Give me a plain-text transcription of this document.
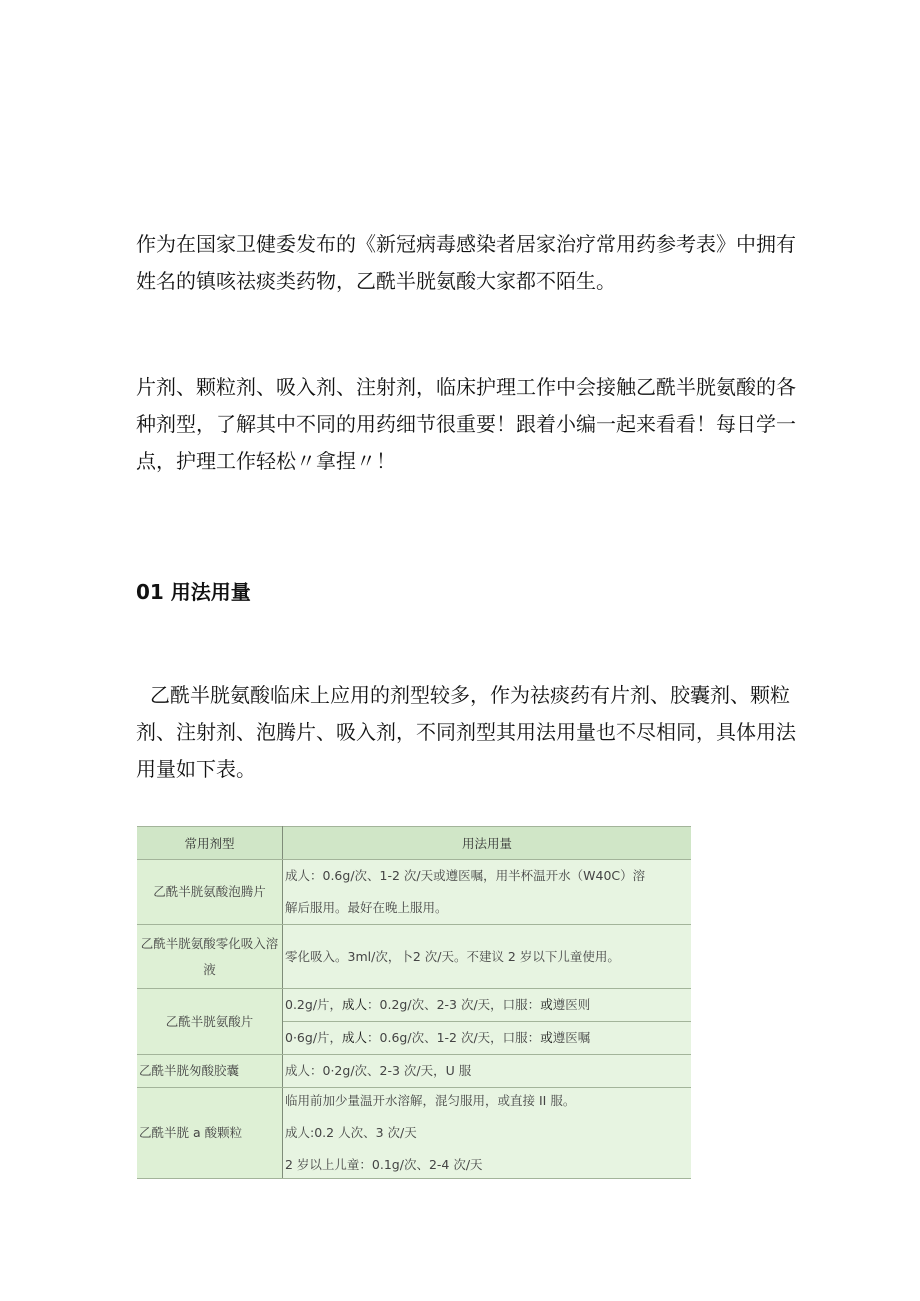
作为在国家卫健委发布的《新冠病毒感染者居家治疗常用药参考表》中拥有姓名的镇咳祛痰类药物，乙酰半胱氨酸大家都不陌生。

片剂、颗粒剂、吸入剂、注射剂，临床护理工作中会接触乙酰半胱氨酸的各种剂型，了解其中不同的用药细节很重要！跟着小编一起来看看！每日学一点，护理工作轻松〃拿捏〃！

01 用法用量

乙酰半胱氨酸临床上应用的剂型较多，作为祛痰药有片剂、胶囊剂、颗粒剂、注射剂、泡腾片、吸入剂，不同剂型其用法用量也不尽相同，具体用法用量如下表。

常用剂型	用法用量

乙酰半胱氨酸泡腾片	成人：0.6g/次、1-2 次/天或遵医嘱，用半杯温开水（W40C）溶
解后服用。最好在晚上服用。

乙酰半胱氨酸零化吸入溶液	零化吸入。3ml/次，卜2 次/天。不建议 2 岁以下儿童使用。

乙酰半胱氨酸片	0.2g/片，成人：0.2g/次、2-3 次/天，口服：或遵医则

	0·6g/片，成人：0.6g/次、1-2 次/天，口服：或遵医嘱

乙酰半胱匆酸胶囊	成人：0·2g/次、2-3 次/天，U 服

乙酰半胱 a 酸颗粒	临用前加少量温开水溶解，混匀服用，或直接 II 服。
成人:0.2 人次、3 次/天
2 岁以上儿童：0.1g/次、2-4 次/天
